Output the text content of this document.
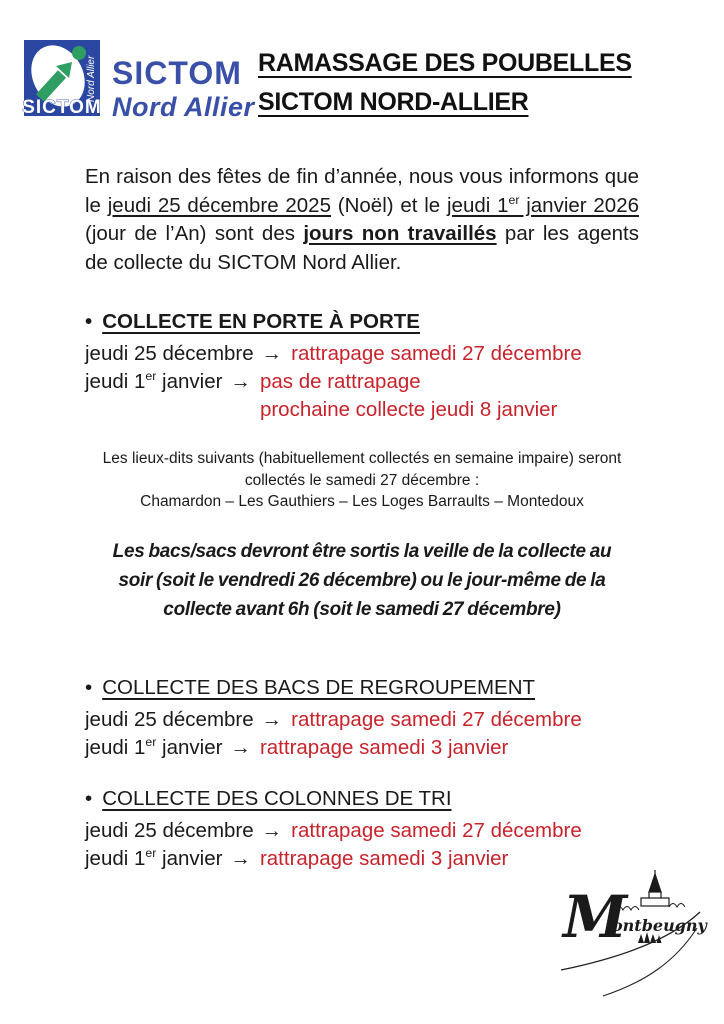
SICTOM
Nord Allier SICTOM
Nord Allier
RAMASSAGE DES POUBELLES
SICTOM NORD-ALLIER

En raison des fêtes de fin d’année, nous vous informons que le jeudi 25 décembre 2025 (Noël) et le jeudi 1er janvier 2026 (jour de l’An) sont des jours non travaillés par les agents de collecte du SICTOM Nord Allier.

• COLLECTE EN PORTE À PORTE
jeudi 25 décembre → rattrapage samedi 27 décembre
jeudi 1er janvier → pas de rattrapage
prochaine collecte jeudi 8 janvier
Les lieux-dits suivants (habituellement collectés en semaine impaire) seront
collectés le samedi 27 décembre :
Chamardon – Les Gauthiers – Les Loges Barraults – Montedoux
Les bacs/sacs devront être sortis la veille de la collecte au
soir (soit le vendredi 26 décembre) ou le jour-même de la
collecte avant 6h (soit le samedi 27 décembre)
• COLLECTE DES BACS DE REGROUPEMENT
jeudi 25 décembre → rattrapage samedi 27 décembre
jeudi 1er janvier → rattrapage samedi 3 janvier
• COLLECTE DES COLONNES DE TRI
jeudi 25 décembre → rattrapage samedi 27 décembre
jeudi 1er janvier → rattrapage samedi 3 janvier
M
ontbeugny
